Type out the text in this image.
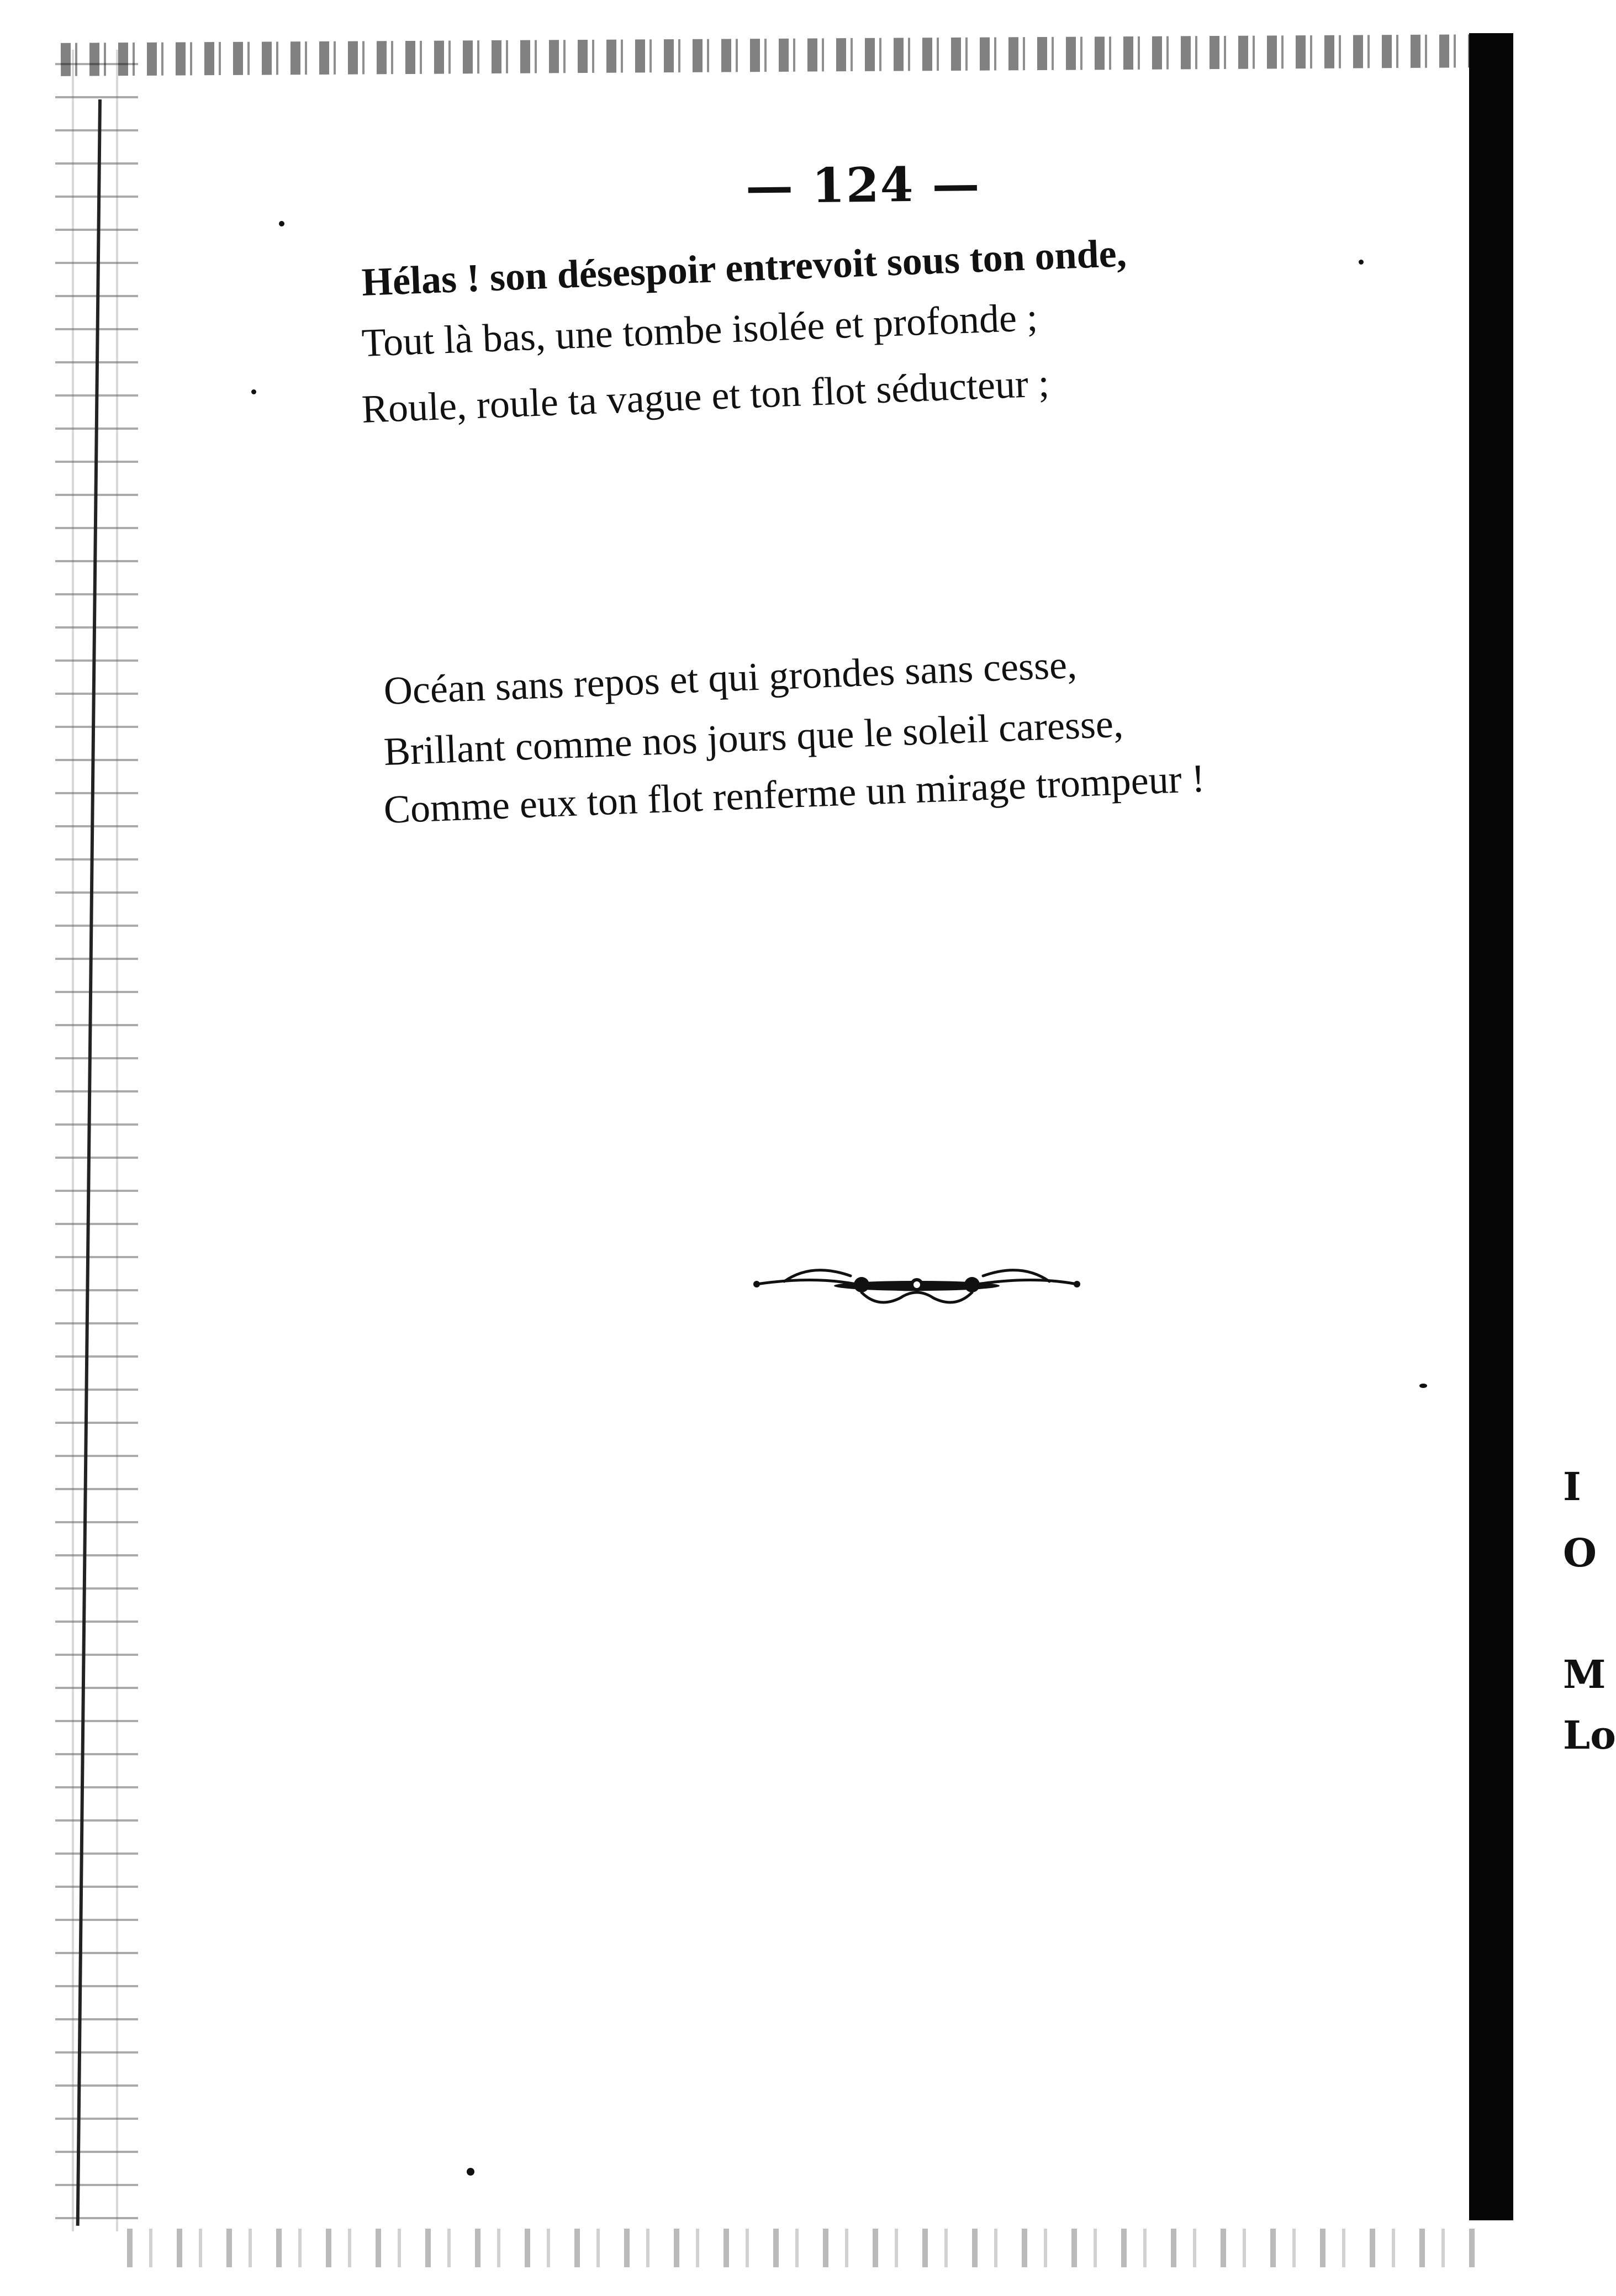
— 124 —
Hélas ! son désespoir entrevoit sous ton onde,
Tout là bas, une tombe isolée et profonde ;
Roule, roule ta vague et ton flot séducteur ;
Océan sans repos et qui grondes sans cesse,
Brillant comme nos jours que le soleil caresse,
Comme eux ton flot renferme un mirage trompeur !
I
O
M
Lo
